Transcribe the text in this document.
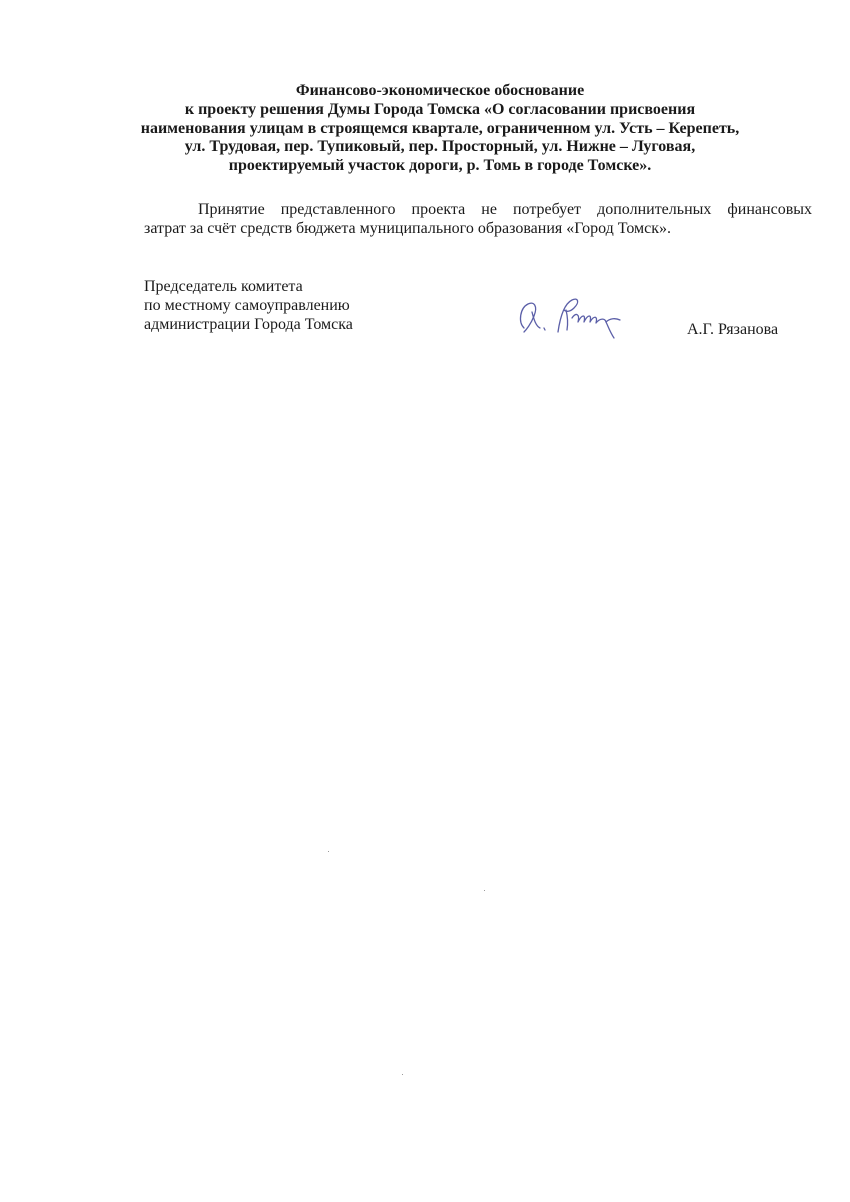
Финансово-экономическое обоснование
к проекту решения Думы Города Томска «О согласовании присвоения
наименования улицам в строящемся квартале, ограниченном ул. Усть – Керепеть,
ул. Трудовая, пер. Тупиковый, пер. Просторный, ул. Нижне – Луговая,
проектируемый участок дороги, р. Томь в городе Томске».
Принятие представленного проекта не потребует дополнительных финансовых
затрат за счёт средств бюджета муниципального образования «Город Томск».
Председатель комитета
по местному самоуправлению
администрации Города Томска	А.Г. Рязанова
